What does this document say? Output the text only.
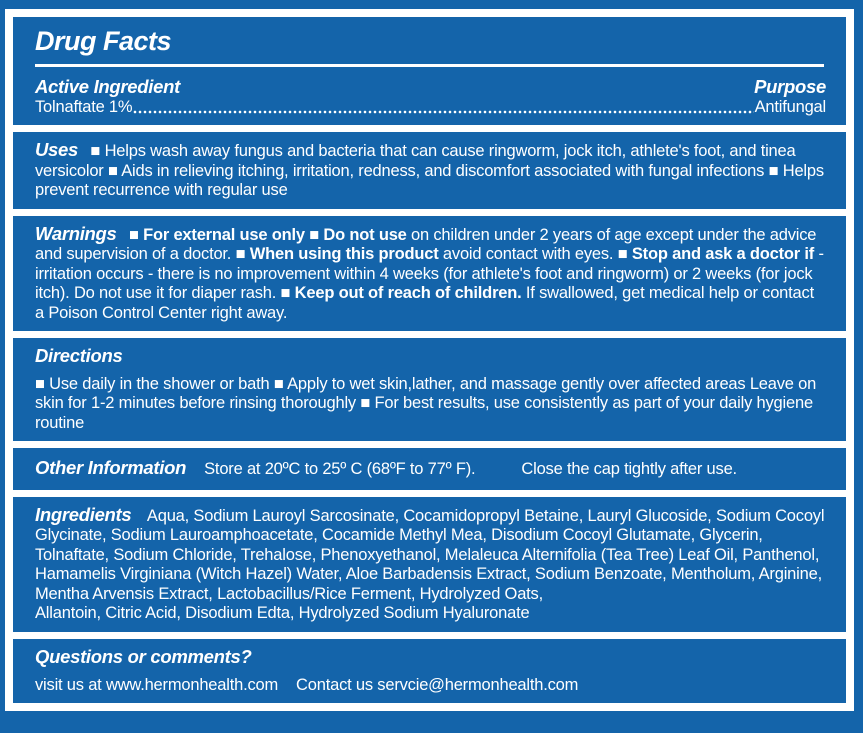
Drug Facts
Active Ingredient	Purpose
Tolnaftate 1%	Antifungal

Uses ■ Helps wash away fungus and bacteria that can cause ringworm, jock itch, athlete's foot, and tinea versicolor ■ Aids in relieving itching, irritation, redness, and discomfort associated with fungal infections ■ Helps prevent recurrence with regular use

Warnings ■ For external use only ■ Do not use on children under 2 years of age except under the advice and supervision of a doctor. ■ When using this product avoid contact with eyes. ■ Stop and ask a doctor if - irritation occurs - there is no improvement within 4 weeks (for athlete's foot and ringworm) or 2 weeks (for jock itch). Do not use it for diaper rash. ■ Keep out of reach of children. If swallowed, get medical help or contact a Poison Control Center right away.

Directions

■ Use daily in the shower or bath ■ Apply to wet skin,lather, and massage gently over affected areas Leave on skin for 1-2 minutes before rinsing thoroughly ■ For best results, use consistently as part of your daily hygiene routine

Other Information Store at 20ºC to 25º C (68ºF to 77º F).	Close the cap tightly after use.

Ingredients Aqua, Sodium Lauroyl Sarcosinate, Cocamidopropyl Betaine, Lauryl Glucoside, Sodium Cocoyl Glycinate, Sodium Lauroamphoacetate, Cocamide Methyl Mea, Disodium Cocoyl Glutamate, Glycerin, Tolnaftate, Sodium Chloride, Trehalose, Phenoxyethanol, Melaleuca Alternifolia (Tea Tree) Leaf Oil, Panthenol, Hamamelis Virginiana (Witch Hazel) Water, Aloe Barbadensis Extract, Sodium Benzoate, Mentholum, Arginine, Mentha Arvensis Extract, Lactobacillus/Rice Ferment, Hydrolyzed Oats,
Allantoin, Citric Acid, Disodium Edta, Hydrolyzed Sodium Hyaluronate

Questions or comments?

visit us at www.hermonhealth.com Contact us servcie@hermonhealth.com
